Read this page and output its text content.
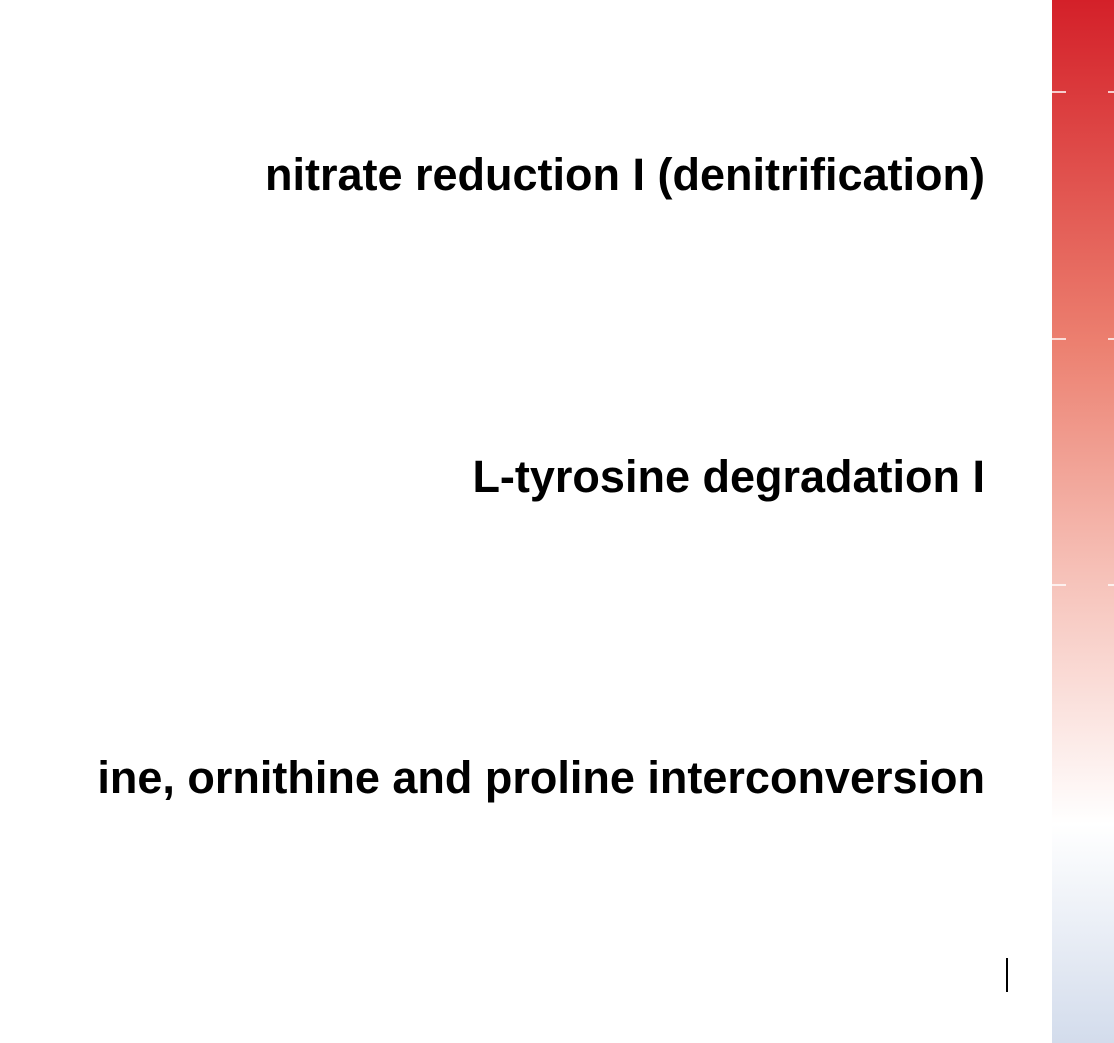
nitrate reduction I (denitrification)
L-tyrosine degradation I
ine, ornithine and proline interconversion
